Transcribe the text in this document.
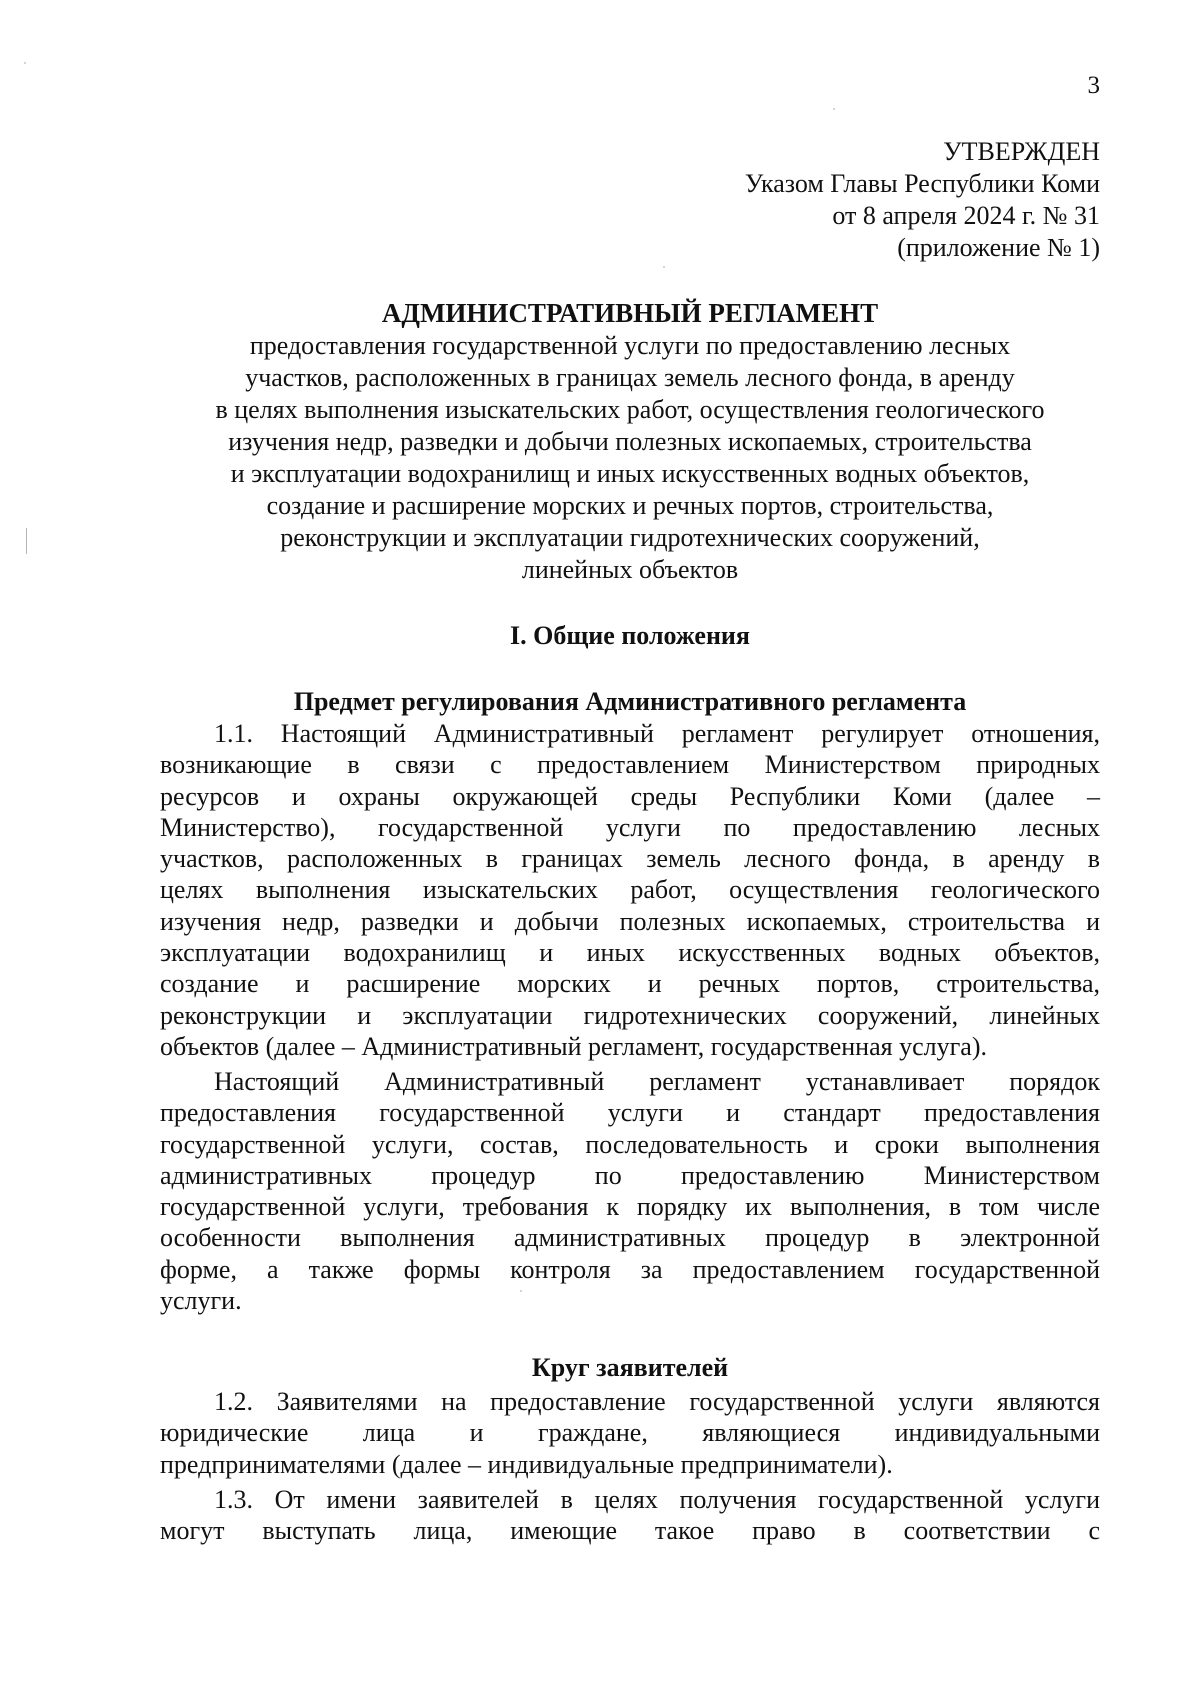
3
УТВЕРЖДЕН
Указом Главы Республики Коми
от 8 апреля 2024 г. № 31
(приложение № 1)
АДМИНИСТРАТИВНЫЙ РЕГЛАМЕНТ
предоставления государственной услуги по предоставлению лесных
участков, расположенных в границах земель лесного фонда, в аренду
в целях выполнения изыскательских работ, осуществления геологического
изучения недр, разведки и добычи полезных ископаемых, строительства
и эксплуатации водохранилищ и иных искусственных водных объектов,
создание и расширение морских и речных портов, строительства,
реконструкции и эксплуатации гидротехнических сооружений,
линейных объектов
I. Общие положения
Предмет регулирования Административного регламента
1.1. Настоящий Административный регламент регулирует отношения,
возникающие в связи с предоставлением Министерством природных
ресурсов и охраны окружающей среды Республики Коми (далее –
Министерство), государственной услуги по предоставлению лесных
участков, расположенных в границах земель лесного фонда, в аренду в
целях выполнения изыскательских работ, осуществления геологического
изучения недр, разведки и добычи полезных ископаемых, строительства и
эксплуатации водохранилищ и иных искусственных водных объектов,
создание и расширение морских и речных портов, строительства,
реконструкции и эксплуатации гидротехнических сооружений, линейных
объектов (далее – Административный регламент, государственная услуга).
Настоящий Административный регламент устанавливает порядок
предоставления государственной услуги и стандарт предоставления
государственной услуги, состав, последовательность и сроки выполнения
административных процедур по предоставлению Министерством
государственной услуги, требования к порядку их выполнения, в том числе
особенности выполнения административных процедур в электронной
форме, а также формы контроля за предоставлением государственной
услуги.
Круг заявителей
1.2. Заявителями на предоставление государственной услуги являются
юридические лица и граждане, являющиеся индивидуальными
предпринимателями (далее – индивидуальные предприниматели).
1.3. От имени заявителей в целях получения государственной услуги
могут выступать лица, имеющие такое право в соответствии с
